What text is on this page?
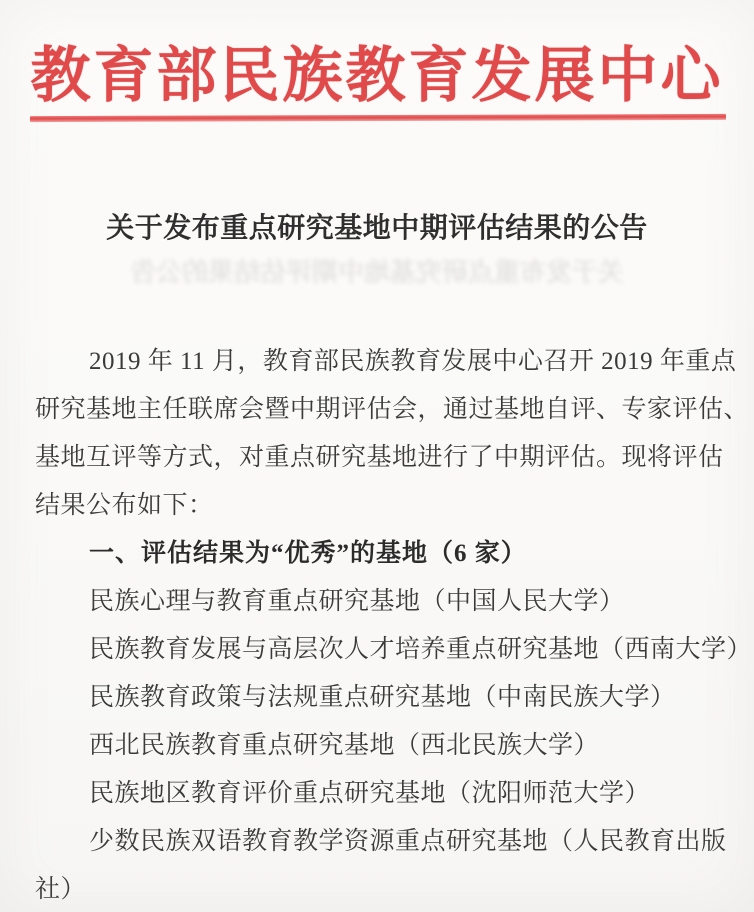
教育部民族教育发展中心
关于发布重点研究基地中期评估结果的公告
关于发布重点研究基地中期评估结果的公告
2019 年 11 月，教育部民族教育发展中心召开 2019 年重点
研究基地主任联席会暨中期评估会，通过基地自评、专家评估、
基地互评等方式，对重点研究基地进行了中期评估。现将评估
结果公布如下：
一、评估结果为“优秀”的基地（6 家）
民族心理与教育重点研究基地（中国人民大学）
民族教育发展与高层次人才培养重点研究基地（西南大学）
民族教育政策与法规重点研究基地（中南民族大学）
西北民族教育重点研究基地（西北民族大学）
民族地区教育评价重点研究基地（沈阳师范大学）
少数民族双语教育教学资源重点研究基地（人民教育出版
社）
